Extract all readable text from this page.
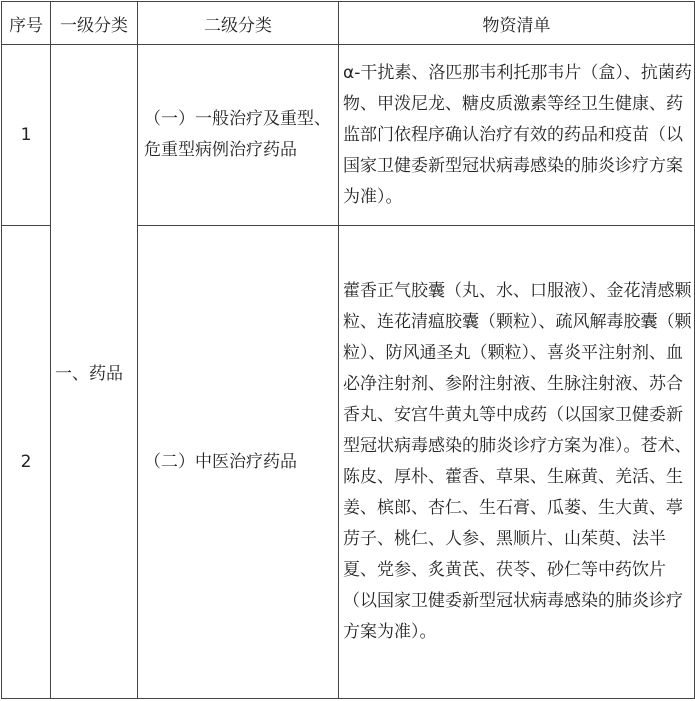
序号	一级分类	二级分类	物资清单
1	一、药品	（一）一般治疗及重型、危重型病例治疗药品	α-干扰素、洛匹那韦利托那韦片（盒）、抗菌药物、甲泼尼龙、糖皮质激素等经卫生健康、药监部门依程序确认治疗有效的药品和疫苗（以国家卫健委新型冠状病毒感染的肺炎诊疗方案为准）。
2		（二）中医治疗药品	藿香正气胶囊（丸、水、口服液）、金花清感颗粒、连花清瘟胶囊（颗粒）、疏风解毒胶囊（颗粒）、防风通圣丸（颗粒）、喜炎平注射剂、血必净注射剂、参附注射液、生脉注射液、苏合香丸、安宫牛黄丸等中成药（以国家卫健委新型冠状病毒感染的肺炎诊疗方案为准）。苍术、陈皮、厚朴、藿香、草果、生麻黄、羌活、生姜、槟郎、杏仁、生石膏、瓜蒌、生大黄、葶苈子、桃仁、人参、黑顺片、山茱萸、法半夏、党参、炙黄芪、茯苓、砂仁等中药饮片（以国家卫健委新型冠状病毒感染的肺炎诊疗方案为准）。
